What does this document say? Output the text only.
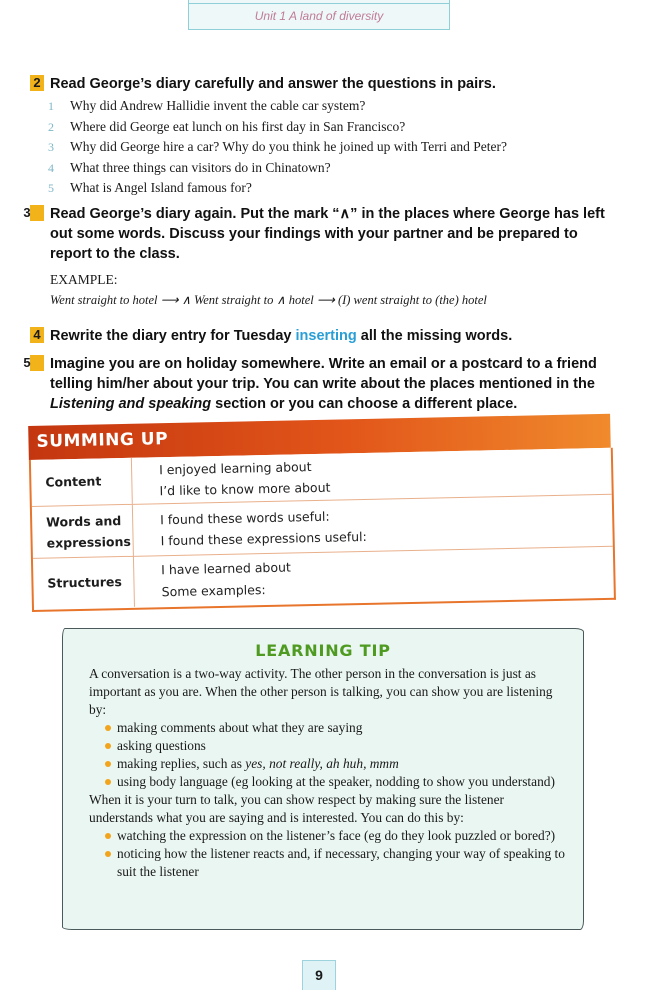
Unit 1 A land of diversity
2 Read George’s diary carefully and answer the questions in pairs.
1 Why did Andrew Hallidie invent the cable car system?
2 Where did George eat lunch on his first day in San Francisco?
3 Why did George hire a car? Why do you think he joined up with Terri and Peter?
4 What three things can visitors do in Chinatown?
5 What is Angel Island famous for?
3 Read George’s diary again. Put the mark “∧” in the places where George has left out some words. Discuss your findings with your partner and be prepared to report to the class.
EXAMPLE:
Went straight to hotel ⟶ ∧ Went straight to ∧ hotel ⟶ (I) went straight to (the) hotel
4 Rewrite the diary entry for Tuesday inserting all the missing words.
5 Imagine you are on holiday somewhere. Write an email or a postcard to a friend telling him/her about your trip. You can write about the places mentioned in the Listening and speaking section or you can choose a different place.
SUMMING UP
Content
I enjoyed learning about
I’d like to know more about
Words and
expressions
I found these words useful:
I found these expressions useful:
Structures
I have learned about
Some examples:
LEARNING TIP

A conversation is a two-way activity. The other person in the conversation is just as important as you are. When the other person is talking, you can show you are listening by:

making comments about what they are saying
asking questions
making replies, such as yes, not really, ah huh, mmm
using body language (eg looking at the speaker, nodding to show you understand)

When it is your turn to talk, you can show respect by making sure the listener understands what you are saying and is interested. You can do this by:

watching the expression on the listener’s face (eg do they look puzzled or bored?)
noticing how the listener reacts and, if necessary, changing your way of speaking to suit the listener
9
